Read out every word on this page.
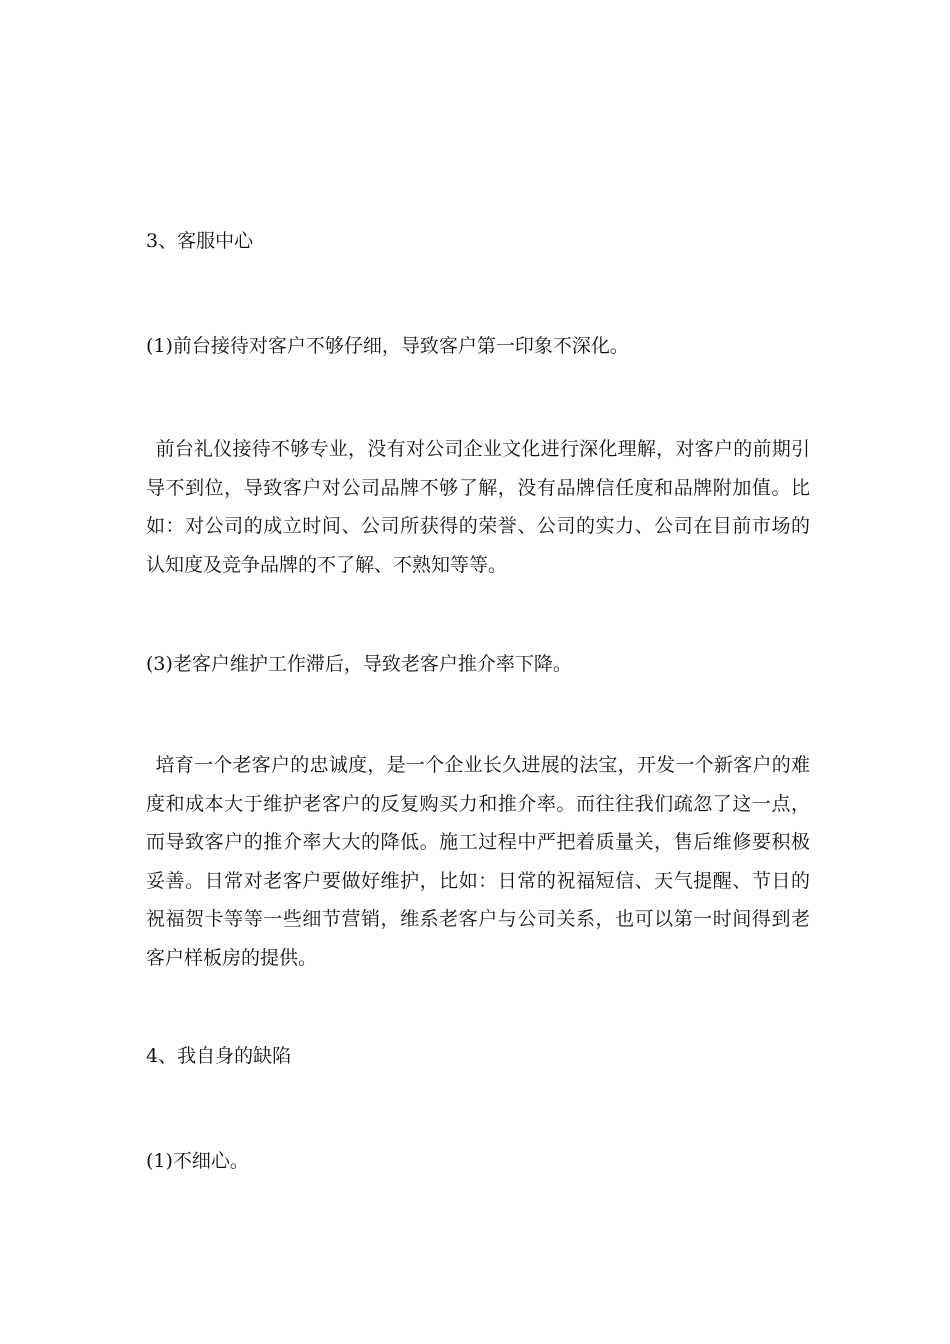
3、客服中心

(1)前台接待对客户不够仔细，导致客户第一印象不深化。

前台礼仪接待不够专业，没有对公司企业文化进行深化理解，对客户的前期引导不到位，导致客户对公司品牌不够了解，没有品牌信任度和品牌附加值。比如：对公司的成立时间、公司所获得的荣誉、公司的实力、公司在目前市场的认知度及竞争品牌的不了解、不熟知等等。

(3)老客户维护工作滞后，导致老客户推介率下降。

培育一个老客户的忠诚度，是一个企业长久进展的法宝，开发一个新客户的难度和成本大于维护老客户的反复购买力和推介率。而往往我们疏忽了这一点，而导致客户的推介率大大的降低。施工过程中严把着质量关，售后维修要积极妥善。日常对老客户要做好维护，比如：日常的祝福短信、天气提醒、节日的祝福贺卡等等一些细节营销，维系老客户与公司关系，也可以第一时间得到老客户样板房的提供。

4、我自身的缺陷

(1)不细心。
